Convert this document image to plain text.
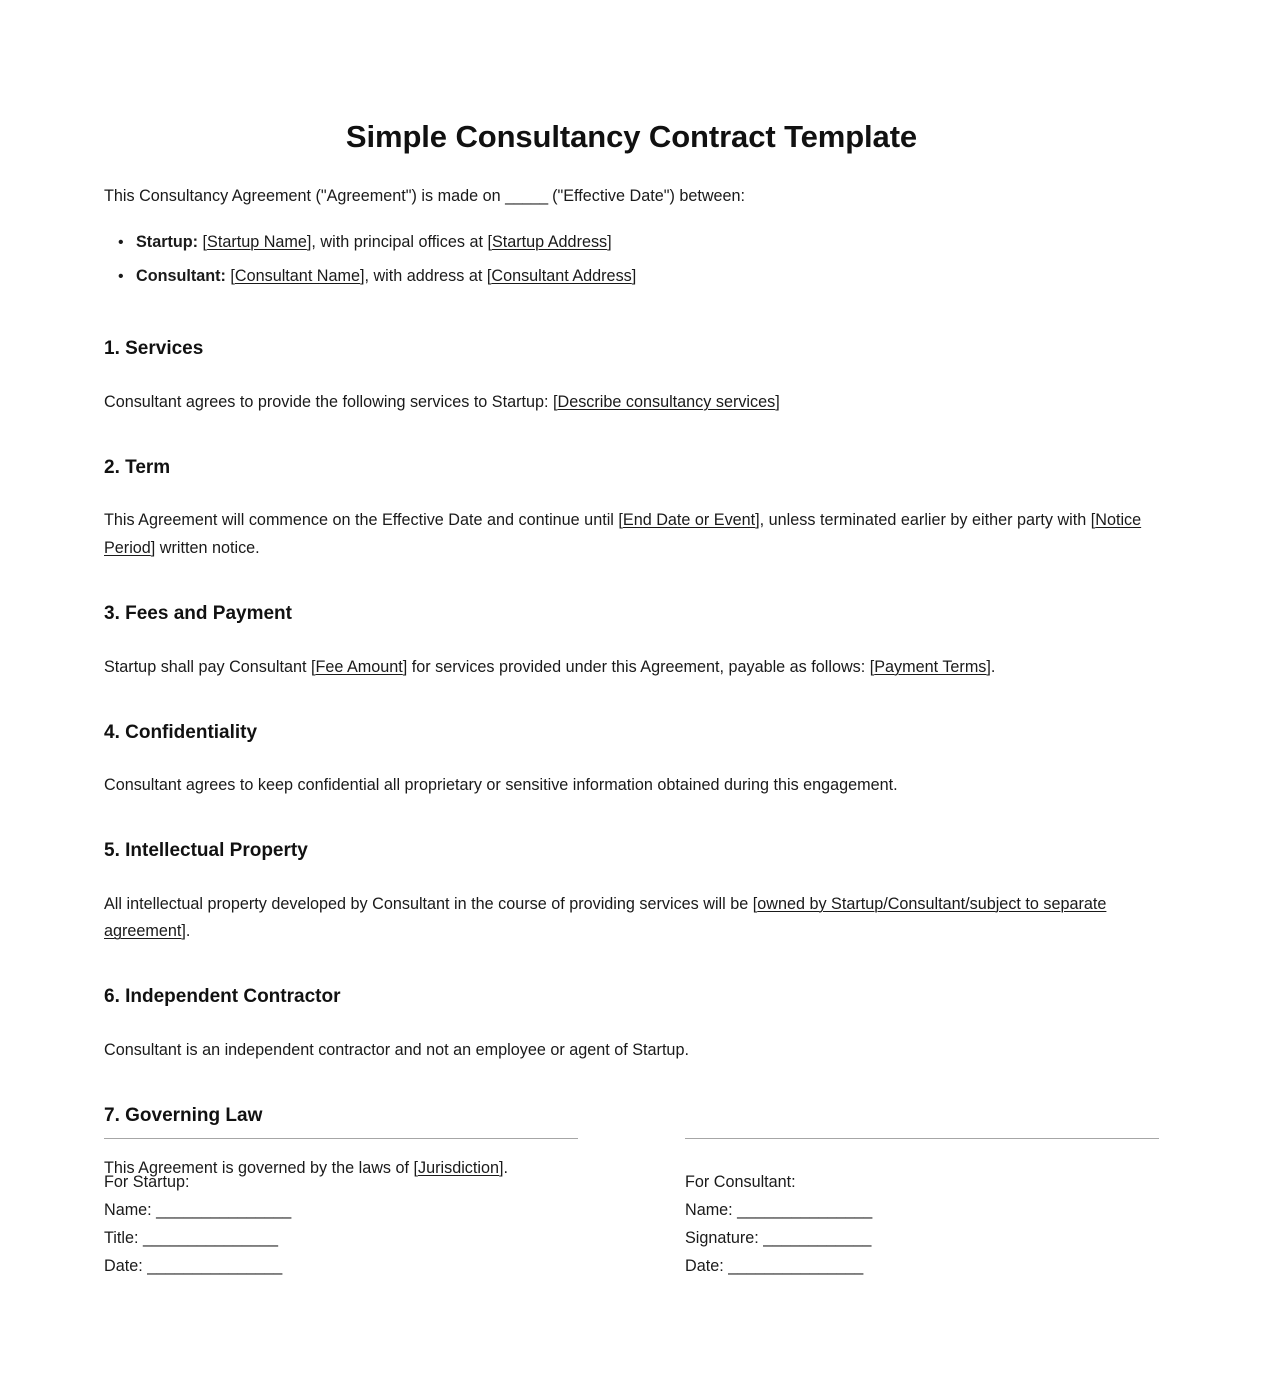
Simple Consultancy Contract Template

This Consultancy Agreement ("Agreement") is made on _____ ("Effective Date") between:

• Startup: [Startup Name], with principal offices at [Startup Address]
• Consultant: [Consultant Name], with address at [Consultant Address]
1. Services

Consultant agrees to provide the following services to Startup: [Describe consultancy services]

2. Term

This Agreement will commence on the Effective Date and continue until [End Date or Event], unless terminated earlier by either party with [Notice Period] written notice.

3. Fees and Payment

Startup shall pay Consultant [Fee Amount] for services provided under this Agreement, payable as follows: [Payment Terms].

4. Confidentiality

Consultant agrees to keep confidential all proprietary or sensitive information obtained during this engagement.

5. Intellectual Property

All intellectual property developed by Consultant in the course of providing services will be [owned by Startup/Consultant/subject to separate agreement].

6. Independent Contractor

Consultant is an independent contractor and not an employee or agent of Startup.

7. Governing Law

This Agreement is governed by the laws of [Jurisdiction].

For Startup:
Name: _______________
Title: _______________
Date: _______________
For Consultant:
Name: _______________
Signature: ____________
Date: _______________
